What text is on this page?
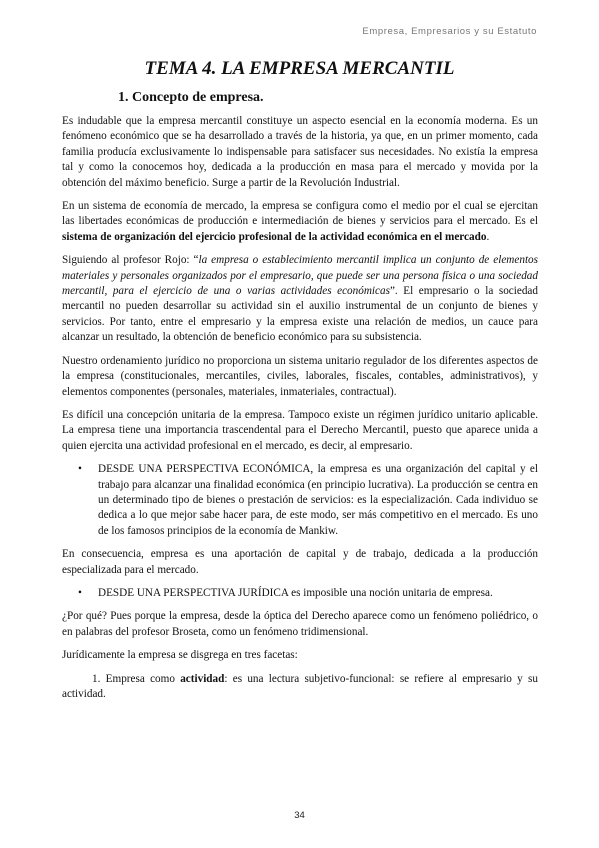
Empresa, Empresarios y su Estatuto
TEMA 4. LA EMPRESA MERCANTIL
1. Concepto de empresa.

Es indudable que la empresa mercantil constituye un aspecto esencial en la economía moderna. Es un fenómeno económico que se ha desarrollado a través de la historia, ya que, en un primer momento, cada familia producía exclusivamente lo indispensable para satisfacer sus necesidades. No existía la empresa tal y como la conocemos hoy, dedicada a la producción en masa para el mercado y movida por la obtención del máximo beneficio. Surge a partir de la Revolución Industrial.

En un sistema de economía de mercado, la empresa se configura como el medio por el cual se ejercitan las libertades económicas de producción e intermediación de bienes y servicios para el mercado. Es el sistema de organización del ejercicio profesional de la actividad económica en el mercado.

Siguiendo al profesor Rojo: “la empresa o establecimiento mercantil implica un conjunto de elementos materiales y personales organizados por el empresario, que puede ser una persona física o una sociedad mercantil, para el ejercicio de una o varias actividades económicas”. El empresario o la sociedad mercantil no pueden desarrollar su actividad sin el auxilio instrumental de un conjunto de bienes y servicios. Por tanto, entre el empresario y la empresa existe una relación de medios, un cauce para alcanzar un resultado, la obtención de beneficio económico para su subsistencia.

Nuestro ordenamiento jurídico no proporciona un sistema unitario regulador de los diferentes aspectos de la empresa (constitucionales, mercantiles, civiles, laborales, fiscales, contables, administrativos), y elementos componentes (personales, materiales, inmateriales, contractual).

Es difícil una concepción unitaria de la empresa. Tampoco existe un régimen jurídico unitario aplicable. La empresa tiene una importancia trascendental para el Derecho Mercantil, puesto que aparece unida a quien ejercita una actividad profesional en el mercado, es decir, al empresario.

•	DESDE UNA PERSPECTIVA ECONÓMICA, la empresa es una organización del capital y el trabajo para alcanzar una finalidad económica (en principio lucrativa). La producción se centra en un determinado tipo de bienes o prestación de servicios: es la especialización. Cada individuo se dedica a lo que mejor sabe hacer para, de este modo, ser más competitivo en el mercado. Es uno de los famosos principios de la economía de Mankiw.

En consecuencia, empresa es una aportación de capital y de trabajo, dedicada a la producción especializada para el mercado.

•	DESDE UNA PERSPECTIVA JURÍDICA es imposible una noción unitaria de empresa.

¿Por qué? Pues porque la empresa, desde la óptica del Derecho aparece como un fenómeno poliédrico, o en palabras del profesor Broseta, como un fenómeno tridimensional.

Jurídicamente la empresa se disgrega en tres facetas:

1. Empresa como actividad: es una lectura subjetivo-funcional: se refiere al empresario y su actividad.

34
